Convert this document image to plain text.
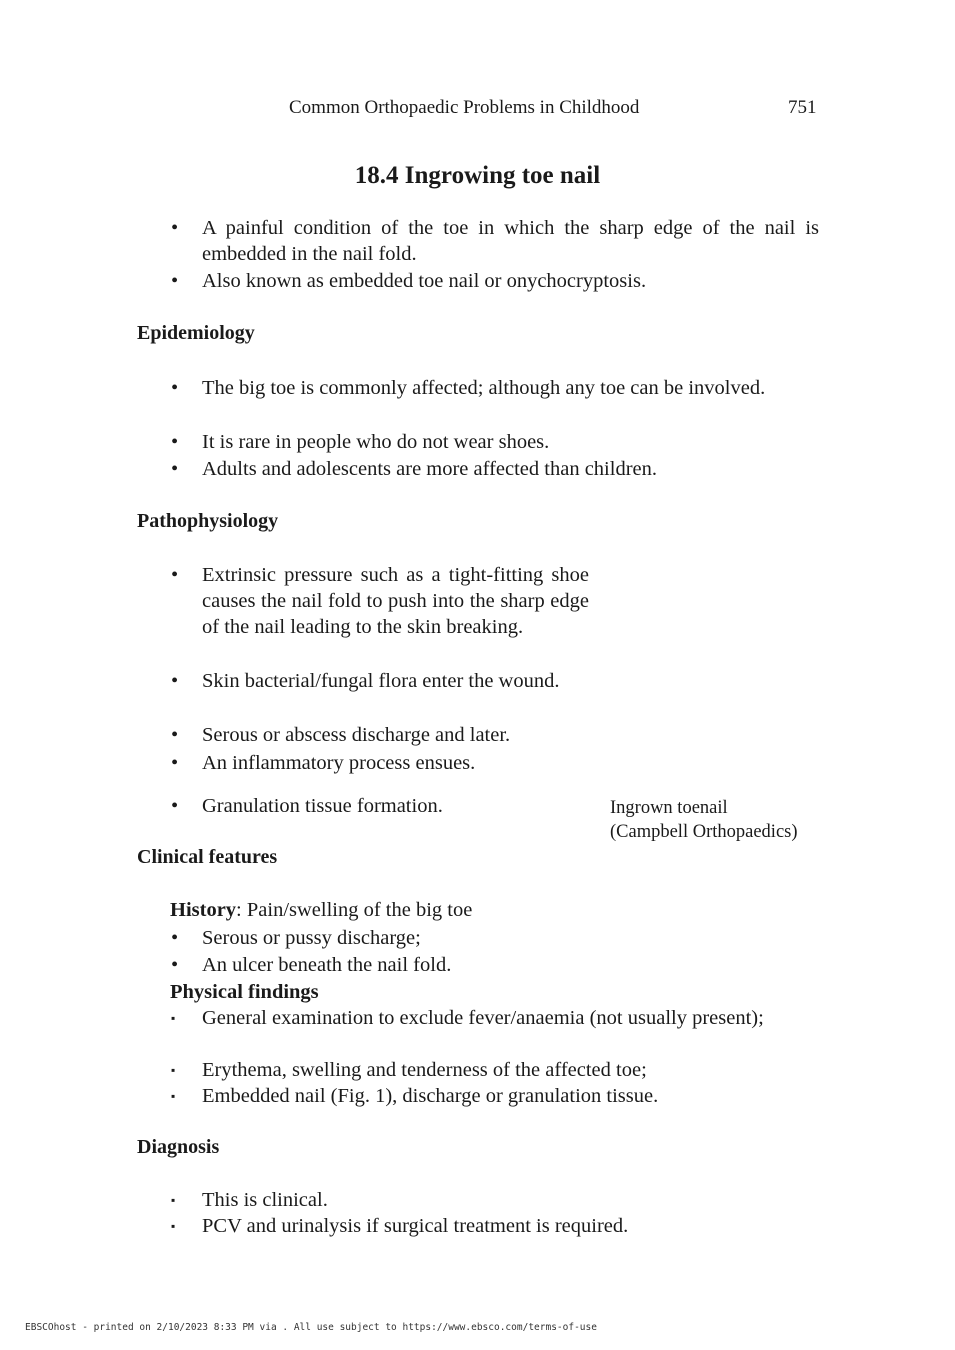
Common Orthopaedic Problems in Childhood	751
18.4 Ingrowing toe nail
•	A painful condition of the toe in which the sharp edge of the nail is embedded in the nail fold.
•	Also known as embedded toe nail or onychocryptosis.
Epidemiology
•	The big toe is commonly affected; although any toe can be involved.
•	It is rare in people who do not wear shoes.
•	Adults and adolescents are more affected than children.
Pathophysiology
•	Extrinsic pressure such as a tight-fitting shoe causes the nail fold to push into the sharp edge of the nail leading to the skin breaking.
•	Skin bacterial/fungal flora enter the wound.
•	Serous or abscess discharge and later.
•	An inflammatory process ensues.
•	Granulation tissue formation.	Ingrown toenail
(Campbell Orthopaedics)
Clinical features
History: Pain/swelling of the big toe
•	Serous or pussy discharge;
•	An ulcer beneath the nail fold.
Physical findings
▪	General examination to exclude fever/anaemia (not usually present);
▪	Erythema, swelling and tenderness of the affected toe;
▪	Embedded nail (Fig. 1), discharge or granulation tissue.
Diagnosis
▪	This is clinical.
▪	PCV and urinalysis if surgical treatment is required.
EBSCOhost - printed on 2/10/2023 8:33 PM via . All use subject to https://www.ebsco.com/terms-of-use
